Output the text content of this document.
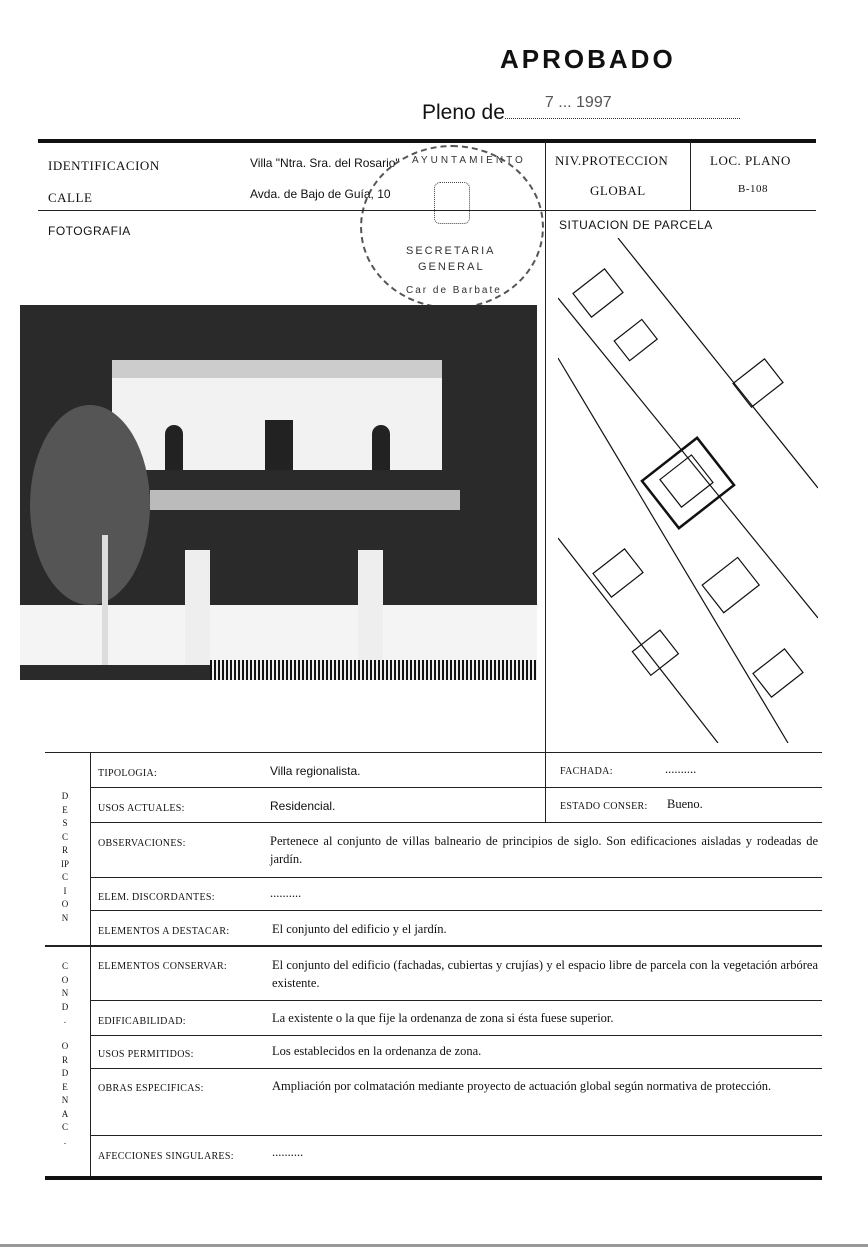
APROBADO
Pleno de	7 ... 1997
AYUNTAMIENTO
SECRETARIA
GENERAL
Car de Barbate
IDENTIFICACION	Villa "Ntra. Sra. del Rosario"
CALLE	Avda. de Bajo de Guía, 10
NIV.PROTECCION
GLOBAL
LOC. PLANO
B-108
FOTOGRAFIA	SITUACION DE PARCELA
DESCRIPCION
COND.
ORDENAC.
TIPOLOGIA:	Villa regionalista.	FACHADA:	..........
USOS ACTUALES:	Residencial.	ESTADO CONSER: Bueno.
OBSERVACIONES:	Pertenece al conjunto de villas balneario de principios de siglo. Son edificaciones aisladas y rodeadas de jardín.
ELEM. DISCORDANTES:	..........
ELEMENTOS A DESTACAR:	El conjunto del edificio y el jardín.
ELEMENTOS CONSERVAR:	El conjunto del edificio (fachadas, cubiertas y crujías) y el espacio libre de parcela con la vegetación arbórea existente.
EDIFICABILIDAD:	La existente o la que fije la ordenanza de zona si ésta fuese superior.
USOS PERMITIDOS:	Los establecidos en la ordenanza de zona.
OBRAS ESPECIFICAS:	Ampliación por colmatación mediante proyecto de actuación global según normativa de protección.
AFECCIONES SINGULARES:	..........
